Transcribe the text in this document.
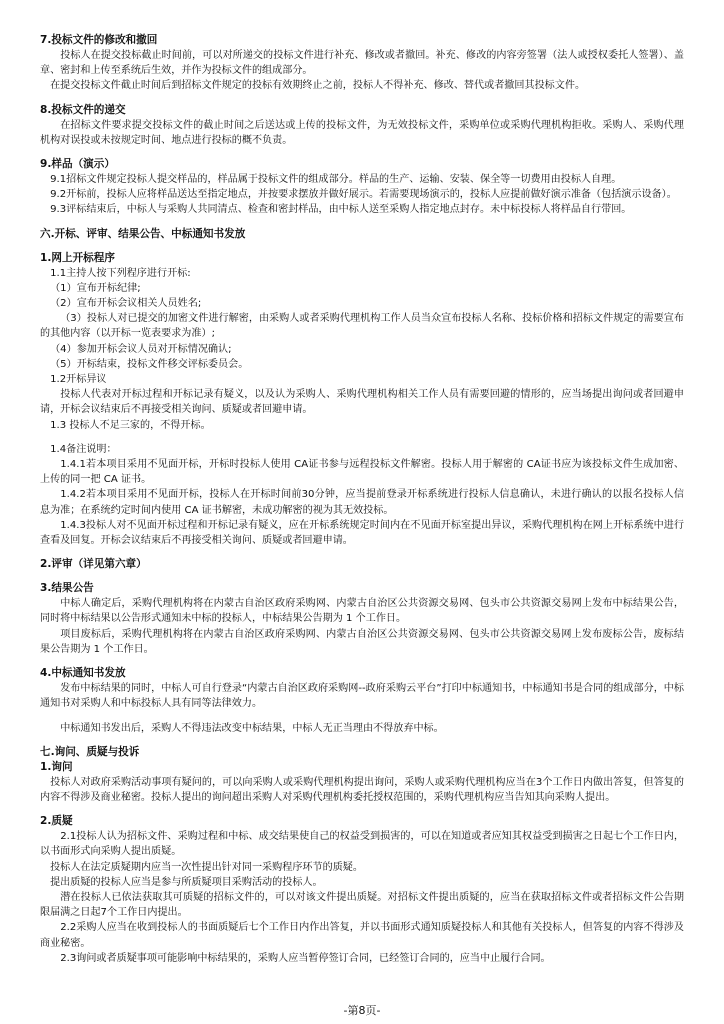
7.投标文件的修改和撤回

投标人在提交投标截止时间前，可以对所递交的投标文件进行补充、修改或者撤回。补充、修改的内容旁签署（法人或授权委托人签署）、盖章、密封和上传至系统后生效，并作为投标文件的组成部分。

在提交投标文件截止时间后到招标文件规定的投标有效期终止之前，投标人不得补充、修改、替代或者撤回其投标文件。

8.投标文件的递交

在招标文件要求提交投标文件的截止时间之后送达或上传的投标文件，为无效投标文件，采购单位或采购代理机构拒收。采购人、采购代理机构对误投或未按规定时间、地点进行投标的概不负责。

9.样品（演示）

9.1招标文件规定投标人提交样品的，样品属于投标文件的组成部分。样品的生产、运输、安装、保全等一切费用由投标人自理。

9.2开标前，投标人应将样品送达至指定地点，并按要求摆放并做好展示。若需要现场演示的，投标人应提前做好演示准备（包括演示设备）。

9.3评标结束后，中标人与采购人共同清点、检查和密封样品，由中标人送至采购人指定地点封存。未中标投标人将样品自行带回。

六.开标、评审、结果公告、中标通知书发放

1.网上开标程序

1.1主持人按下列程序进行开标:

（1）宣布开标纪律;

（2）宣布开标会议相关人员姓名;

（3）投标人对已提交的加密文件进行解密，由采购人或者采购代理机构工作人员当众宣布投标人名称、投标价格和招标文件规定的需要宣布的其他内容（以开标一览表要求为准）;

（4）参加开标会议人员对开标情况确认;

（5）开标结束，投标文件移交评标委员会。

1.2开标异议

投标人代表对开标过程和开标记录有疑义，以及认为采购人、采购代理机构相关工作人员有需要回避的情形的，应当场提出询问或者回避申请，开标会议结束后不再接受相关询问、质疑或者回避申请。

1.3 投标人不足三家的，不得开标。

1.4备注说明：

1.4.1若本项目采用不见面开标，开标时投标人使用 CA证书参与远程投标文件解密。投标人用于解密的 CA证书应为该投标文件生成加密、上传的同一把 CA 证书。

1.4.2若本项目采用不见面开标，投标人在开标时间前30分钟，应当提前登录开标系统进行投标人信息确认，未进行确认的以报名投标人信息为准；在系统约定时间内使用 CA 证书解密，未成功解密的视为其无效投标。

1.4.3投标人对不见面开标过程和开标记录有疑义，应在开标系统规定时间内在不见面开标室提出异议，采购代理机构在网上开标系统中进行查看及回复。开标会议结束后不再接受相关询问、质疑或者回避申请。

2.评审（详见第六章）

3.结果公告

中标人确定后，采购代理机构将在内蒙古自治区政府采购网、内蒙古自治区公共资源交易网、包头市公共资源交易网上发布中标结果公告，同时将中标结果以公告形式通知未中标的投标人，中标结果公告期为 1 个工作日。

项目废标后，采购代理机构将在内蒙古自治区政府采购网、内蒙古自治区公共资源交易网、包头市公共资源交易网上发布废标公告，废标结果公告期为 1 个工作日。

4.中标通知书发放

发布中标结果的同时，中标人可自行登录“内蒙古自治区政府采购网--政府采购云平台”打印中标通知书，中标通知书是合同的组成部分，中标通知书对采购人和中标投标人具有同等法律效力。

中标通知书发出后，采购人不得违法改变中标结果，中标人无正当理由不得放弃中标。

七.询问、质疑与投诉

1.询问

投标人对政府采购活动事项有疑问的，可以向采购人或采购代理机构提出询问，采购人或采购代理机构应当在3个工作日内做出答复，但答复的内容不得涉及商业秘密。投标人提出的询问超出采购人对采购代理机构委托授权范围的，采购代理机构应当告知其向采购人提出。

2.质疑

2.1投标人认为招标文件、采购过程和中标、成交结果使自己的权益受到损害的，可以在知道或者应知其权益受到损害之日起七个工作日内，以书面形式向采购人提出质疑。

投标人在法定质疑期内应当一次性提出针对同一采购程序环节的质疑。

提出质疑的投标人应当是参与所质疑项目采购活动的投标人。

潜在投标人已依法获取其可质疑的招标文件的，可以对该文件提出质疑。对招标文件提出质疑的，应当在获取招标文件或者招标文件公告期限届满之日起7个工作日内提出。

2.2采购人应当在收到投标人的书面质疑后七个工作日内作出答复，并以书面形式通知质疑投标人和其他有关投标人，但答复的内容不得涉及商业秘密。

2.3询问或者质疑事项可能影响中标结果的，采购人应当暂停签订合同，已经签订合同的，应当中止履行合同。

-第8页-
